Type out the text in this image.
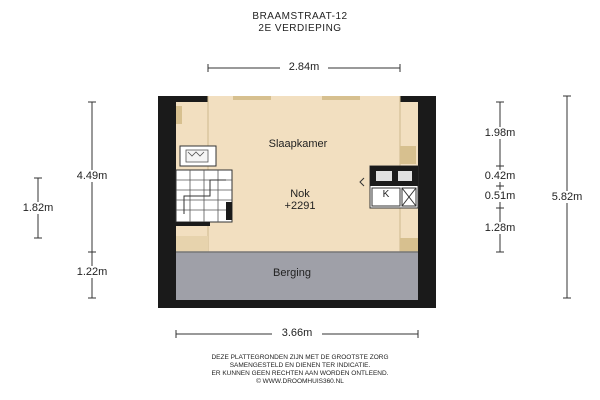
BRAAMSTRAAT-12
2E VERDIEPING
Slaapkamer
Nok
+2291
Berging
K
2.84m
3.66m
4.49m
1.82m
1.22m
1.98m
0.42m
0.51m
1.28m
5.82m
DEZE PLATTEGRONDEN ZIJN MET DE GROOTSTE ZORG
SAMENGESTELD EN DIENEN TER INDICATIE.
ER KUNNEN GEEN RECHTEN AAN WORDEN ONTLEEND.
© WWW.DROOMHUIS360.NL
